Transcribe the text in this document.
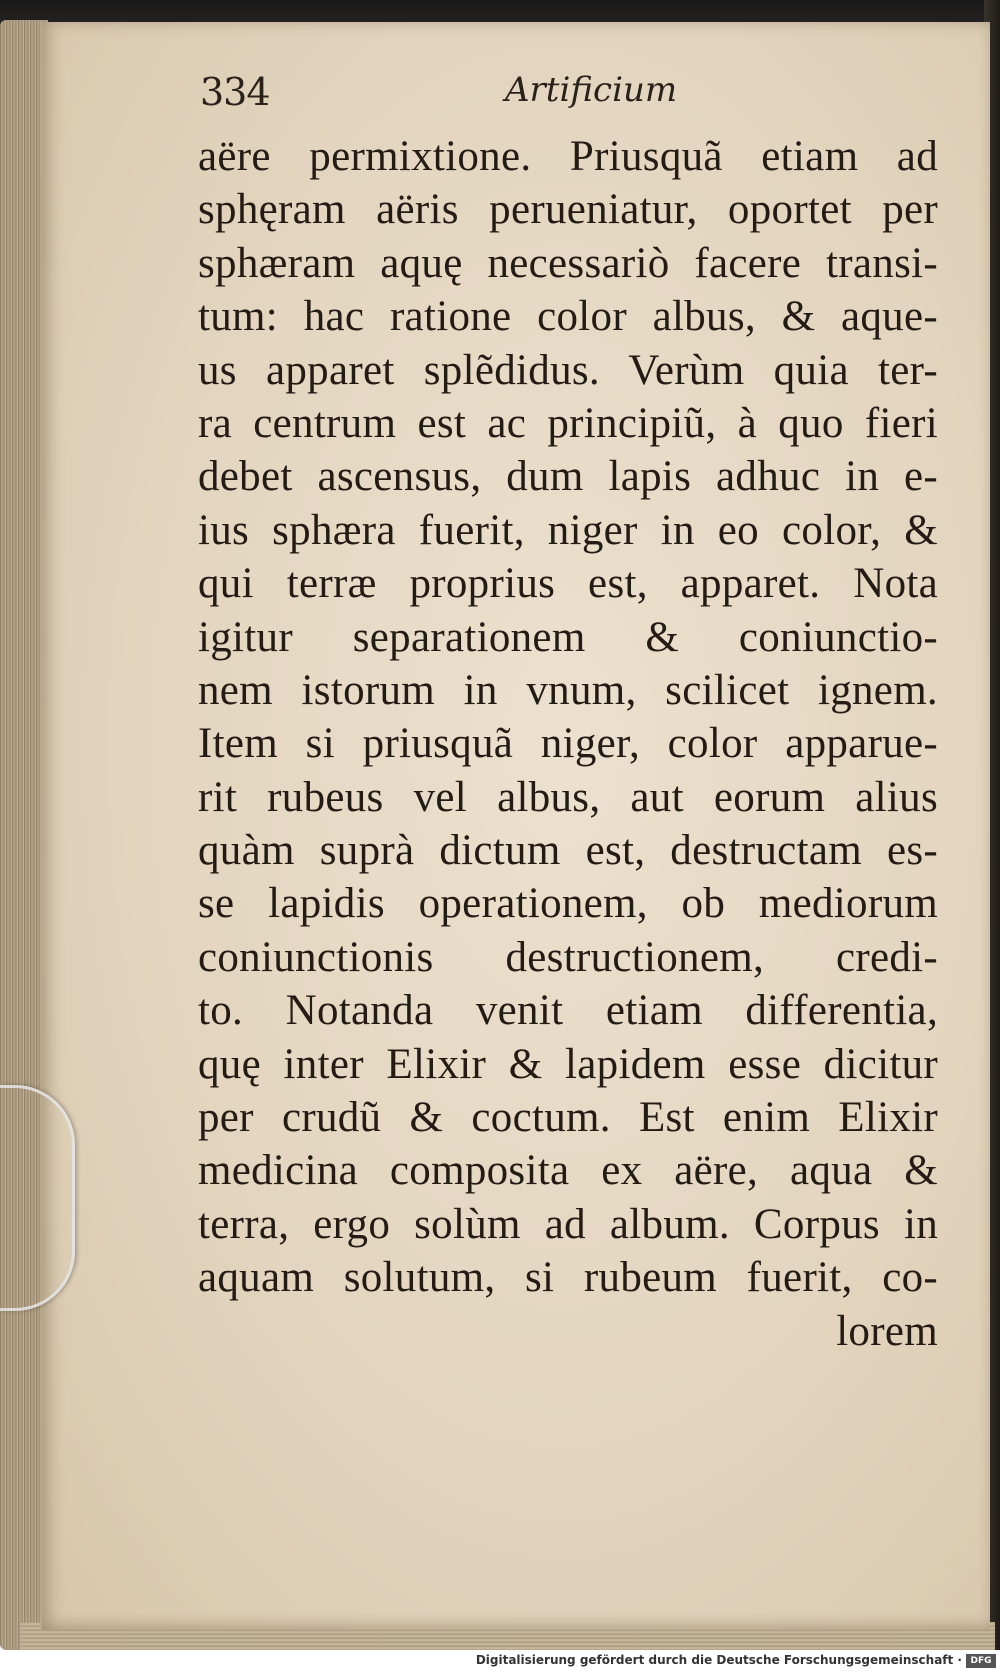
334	Artificium
aëre permixtione. Priusquã etiam ad
sphęram aëris perueniatur, oportet per
sphæram aquę necessariò facere transi-
tum: hac ratione color albus, & aque-
us apparet splẽdidus. Verùm quia ter-
ra centrum est ac principiũ, à quo fieri
debet ascensus, dum lapis adhuc in e-
ius sphæra fuerit, niger in eo color, &
qui terræ proprius est, apparet. Nota
igitur separationem & coniunctio-
nem istorum in vnum, scilicet ignem.
Item si priusquã niger, color apparue-
rit rubeus vel albus, aut eorum alius
quàm suprà dictum est, destructam es-
se lapidis operationem, ob mediorum
coniunctionis destructionem, credi-
to. Notanda venit etiam differentia,
quę inter Elixir & lapidem esse dicitur
per crudũ & coctum. Est enim Elixir
medicina composita ex aëre, aqua &
terra, ergo solùm ad album. Corpus in
aquam solutum, si rubeum fuerit, co-
lorem
Digitalisierung gefördert durch die Deutsche Forschungsgemeinschaft · DFG
